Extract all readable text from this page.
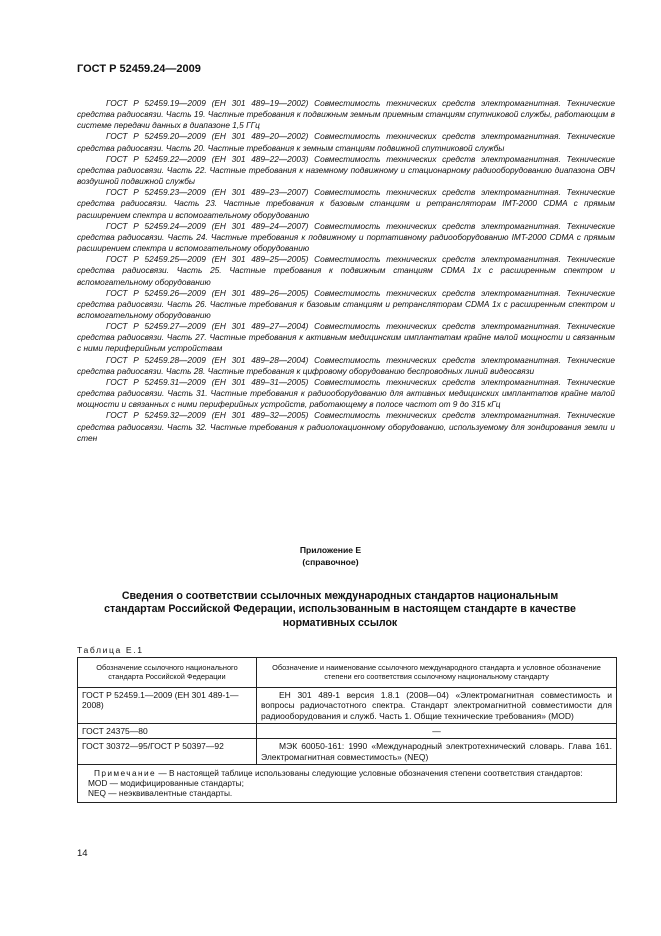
ГОСТ Р 52459.24—2009

ГОСТ Р 52459.19—2009 (ЕН 301 489–19—2002) Совместимость технических средств электромагнитная. Технические средства радиосвязи. Часть 19. Частные требования к подвижным земным приемным станциям спутниковой службы, работающим в системе передачи данных в диапазоне 1,5 ГГц

ГОСТ Р 52459.20—2009 (ЕН 301 489–20—2002) Совместимость технических средств электромагнитная. Технические средства радиосвязи. Часть 20. Частные требования к земным станциям подвижной спутниковой службы

ГОСТ Р 52459.22—2009 (ЕН 301 489–22—2003) Совместимость технических средств электромагнитная. Технические средства радиосвязи. Часть 22. Частные требования к наземному подвижному и стационарному радиооборудованию диапазона ОВЧ воздушной подвижной службы

ГОСТ Р 52459.23—2009 (ЕН 301 489–23—2007) Совместимость технических средств электромагнитная. Технические средства радиосвязи. Часть 23. Частные требования к базовым станциям и ретрансляторам IMT-2000 CDMA с прямым расширением спектра и вспомогательному оборудованию

ГОСТ Р 52459.24—2009 (ЕН 301 489–24—2007) Совместимость технических средств электромагнитная. Технические средства радиосвязи. Часть 24. Частные требования к подвижному и портативному радиооборудованию IMT-2000 CDMA с прямым расширением спектра и вспомогательному оборудованию

ГОСТ Р 52459.25—2009 (ЕН 301 489–25—2005) Совместимость технических средств электромагнитная. Технические средства радиосвязи. Часть 25. Частные требования к подвижным станциям CDMA 1x с расширенным спектром и вспомогательному оборудованию

ГОСТ Р 52459.26—2009 (ЕН 301 489–26—2005) Совместимость технических средств электромагнитная. Технические средства радиосвязи. Часть 26. Частные требования к базовым станциям и ретрансляторам CDMA 1x с расширенным спектром и вспомогательному оборудованию

ГОСТ Р 52459.27—2009 (ЕН 301 489–27—2004) Совместимость технических средств электромагнитная. Технические средства радиосвязи. Часть 27. Частные требования к активным медицинским имплантатам крайне малой мощности и связанным с ними периферийным устройствам

ГОСТ Р 52459.28—2009 (ЕН 301 489–28—2004) Совместимость технических средств электромагнитная. Технические средства радиосвязи. Часть 28. Частные требования к цифровому оборудованию беспроводных линий видеосвязи

ГОСТ Р 52459.31—2009 (ЕН 301 489–31—2005) Совместимость технических средств электромагнитная. Технические средства радиосвязи. Часть 31. Частные требования к радиооборудованию для активных медицинских имплантатов крайне малой мощности и связанных с ними периферийных устройств, работающему в полосе частот от 9 до 315 кГц

ГОСТ Р 52459.32—2009 (ЕН 301 489–32—2005) Совместимость технических средств электромагнитная. Технические средства радиосвязи. Часть 32. Частные требования к радиолокационному оборудованию, используемому для зондирования земли и стен

Приложение Е
(справочное)
Сведения о соответствии ссылочных международных стандартов национальным стандартам Российской Федерации, использованным в настоящем стандарте в качестве нормативных ссылок
Таблица Е.1
Обозначение ссылочного национального стандарта Российской Федерации	Обозначение и наименование ссылочного международного стандарта и условное обозначение степени его соответствия ссылочному национальному стандарту
ГОСТ Р 52459.1—2009 (ЕН 301 489-1—2008)	ЕН 301 489-1 версия 1.8.1 (2008—04) «Электромагнитная совместимость и вопросы радиочастотного спектра. Стандарт электромагнитной совместимости для радиооборудования и служб. Часть 1. Общие технические требования» (MOD)
ГОСТ 24375—80	—
ГОСТ 30372—95/ГОСТ Р 50397—92	МЭК 60050-161: 1990 «Международный электротехнический словарь. Глава 161. Электромагнитная совместимость» (NEQ)

Примечание — В настоящей таблице использованы следующие условные обозначения степени соответствия стандартов:
MOD — модифицированные стандарты;
NEQ — неэквивалентные стандарты.	
14
